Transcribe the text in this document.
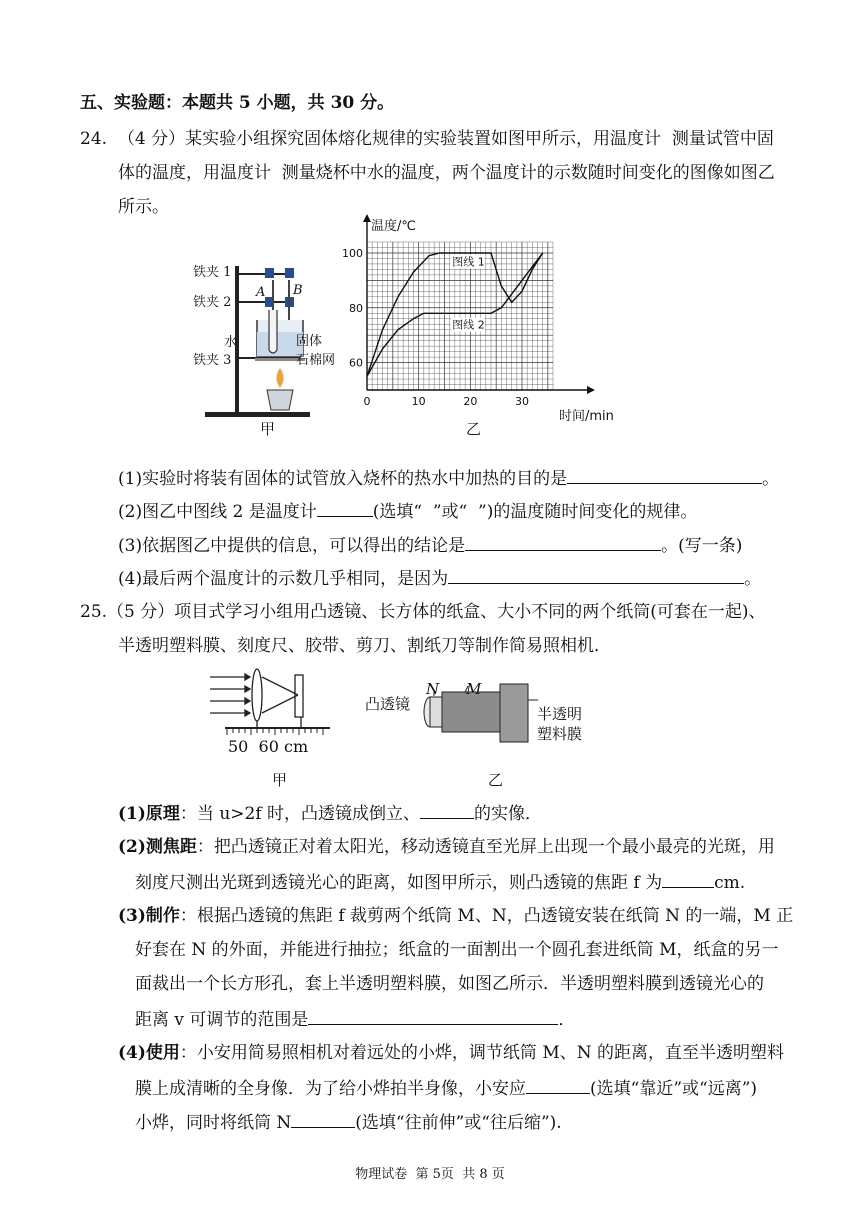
五、实验题：本题共 5 小题，共 30 分。
24.  （4 分）某实验小组探究固体熔化规律的实验装置如图甲所示，用温度计  测量试管中固
体的温度，用温度计  测量烧杯中水的温度，两个温度计的示数随时间变化的图像如图乙
所示。
铁夹 1
铁夹 2
铁夹 3
A B
水	固体
石棉网
甲
100
80
60
0	10	20	30
温度/℃
时间/min
图线 1
图线 2
乙
(1)实验时将装有固体的试管放入烧杯的热水中加热的目的是	。
(2)图乙中图线 2 是温度计	(选填“  ”或“  ”)的温度随时间变化的规律。
(3)依据图乙中提供的信息，可以得出的结论是	。(写一条)
(4)最后两个温度计的示数几乎相同，是因为	。
25.（5 分）项目式学习小组用凸透镜、长方体的纸盒、大小不同的两个纸筒(可套在一起)、
半透明塑料膜、刻度尺、胶带、剪刀、割纸刀等制作简易照相机．
50  60 cm
甲
凸透镜
N M
半透明
塑料膜
乙
(1)原理：当 u>2f 时，凸透镜成倒立、	的实像．
(2)测焦距：把凸透镜正对着太阳光，移动透镜直至光屏上出现一个最小最亮的光斑，用
刻度尺测出光斑到透镜光心的距离，如图甲所示，则凸透镜的焦距 f 为	cm.
(3)制作：根据凸透镜的焦距 f 裁剪两个纸筒 M、N，凸透镜安装在纸筒 N 的一端，M 正
好套在 N 的外面，并能进行抽拉；纸盒的一面割出一个圆孔套进纸筒 M，纸盒的另一
面裁出一个长方形孔，套上半透明塑料膜，如图乙所示．半透明塑料膜到透镜光心的
距离 v 可调节的范围是	．
(4)使用：小安用简易照相机对着远处的小烨，调节纸筒 M、N 的距离，直至半透明塑料
膜上成清晰的全身像．为了给小烨拍半身像，小安应	(选填“靠近”或“远离”)
小烨，同时将纸筒 N	(选填“往前伸”或“往后缩”).
物理试卷  第 5页  共 8 页
